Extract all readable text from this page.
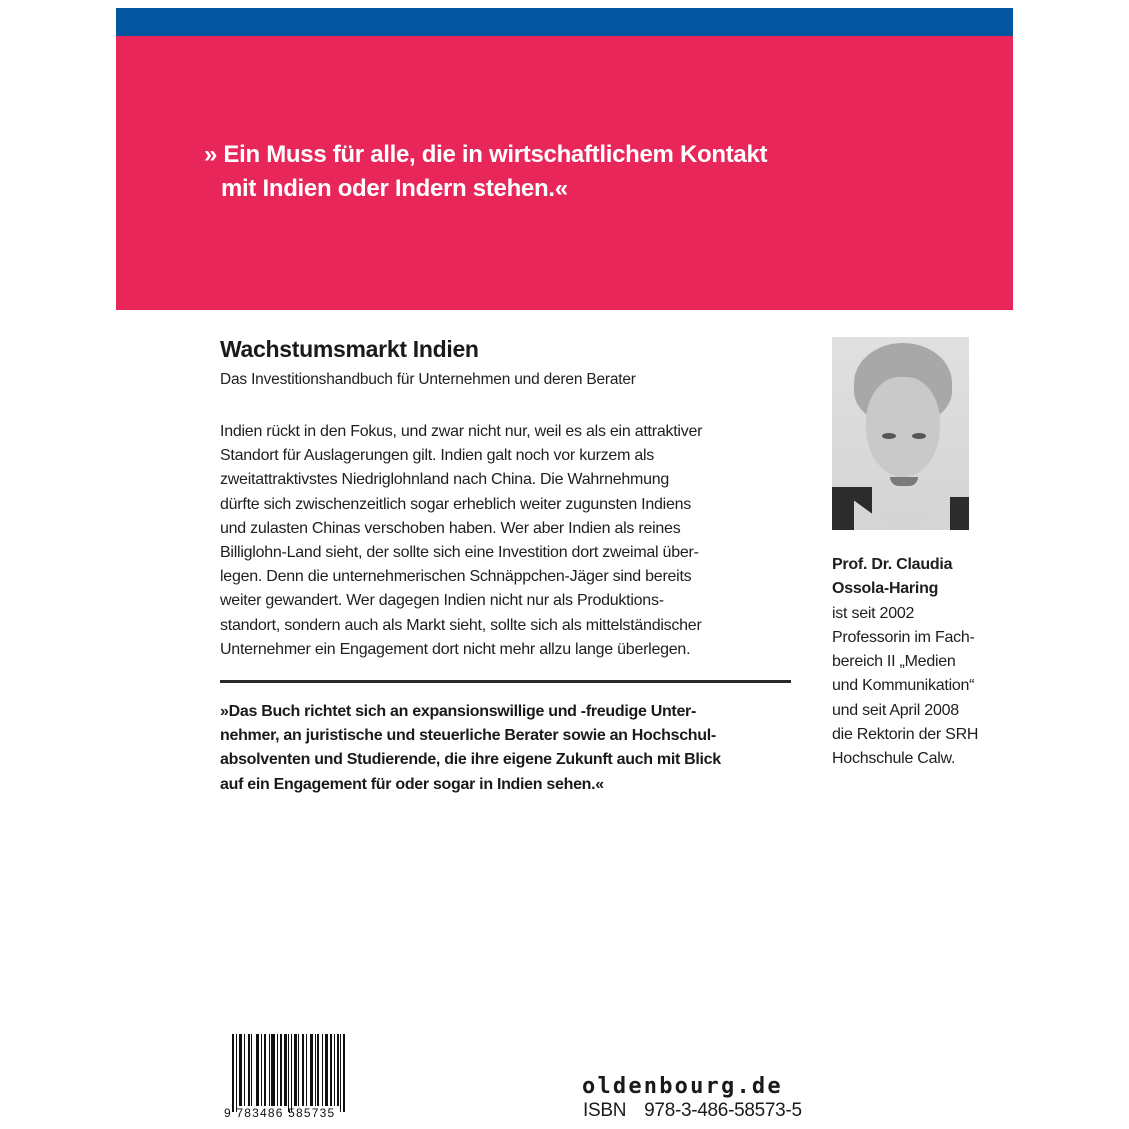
» Ein Muss für alle, die in wirtschaftlichem Kontakt
mit Indien oder Indern stehen.«
Wachstumsmarkt Indien
Das Investitionshandbuch für Unternehmen und deren Berater
Indien rückt in den Fokus, und zwar nicht nur, weil es als ein attraktiver
Standort für Auslagerungen gilt. Indien galt noch vor kurzem als
zweitattraktivstes Niedriglohnland nach China. Die Wahrnehmung
dürfte sich zwischenzeitlich sogar erheblich weiter zugunsten Indiens
und zulasten Chinas verschoben haben. Wer aber Indien als reines
Billiglohn-Land sieht, der sollte sich eine Investition dort zweimal über-
legen. Denn die unternehmerischen Schnäppchen-Jäger sind bereits
weiter gewandert. Wer dagegen Indien nicht nur als Produktions-
standort, sondern auch als Markt sieht, sollte sich als mittelständischer
Unternehmer ein Engagement dort nicht mehr allzu lange überlegen.
»Das Buch richtet sich an expansionswillige und -freudige Unter-
nehmer, an juristische und steuerliche Berater sowie an Hochschul-
absolventen und Studierende, die ihre eigene Zukunft auch mit Blick
auf ein Engagement für oder sogar in Indien sehen.«
Prof. Dr. Claudia
Ossola-Haring
ist seit 2002
Professorin im Fach-
bereich II „Medien
und Kommunikation“
und seit April 2008
die Rektorin der SRH
Hochschule Calw.
9 783486 585735
oldenbourg.de
ISBN 978-3-486-58573-5
